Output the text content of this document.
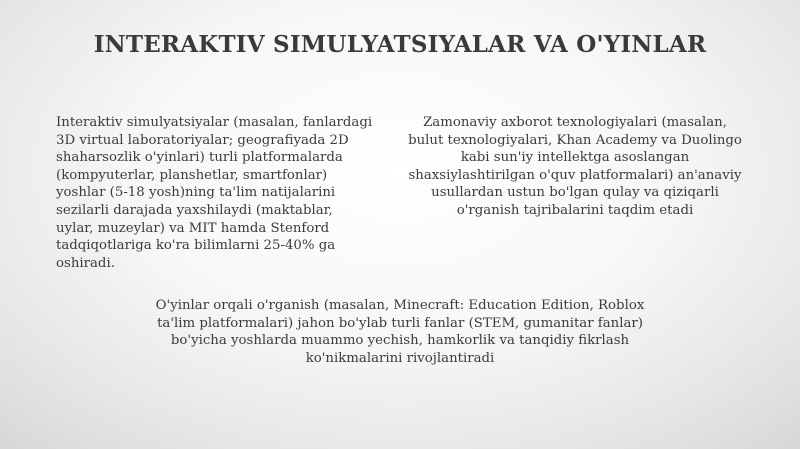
INTERAKTIV SIMULYATSIYALAR VA O'YINLAR

Interaktiv simulyatsiyalar (masalan, fanlardagi 3D virtual laboratoriyalar; geografiyada 2D shaharsozlik o'yinlari) turli platformalarda (kompyuterlar, planshetlar, smartfonlar) yoshlar (5-18 yosh)ning ta'lim natijalarini sezilarli darajada yaxshilaydi (maktablar, uylar, muzeylar) va MIT hamda Stenford tadqiqotlariga ko'ra bilimlarni 25-40% ga oshiradi.

Zamonaviy axborot texnologiyalari (masalan, bulut texnologiyalari, Khan Academy va Duolingo kabi sun'iy intellektga asoslangan shaxsiylashtirilgan o'quv platformalari) an'anaviy usullardan ustun bo'lgan qulay va qiziqarli o'rganish tajribalarini taqdim etadi

O'yinlar orqali o'rganish (masalan, Minecraft: Education Edition, Roblox ta'lim platformalari) jahon bo'ylab turli fanlar (STEM, gumanitar fanlar) bo'yicha yoshlarda muammo yechish, hamkorlik va tanqidiy fikrlash ko'nikmalarini rivojlantiradi
